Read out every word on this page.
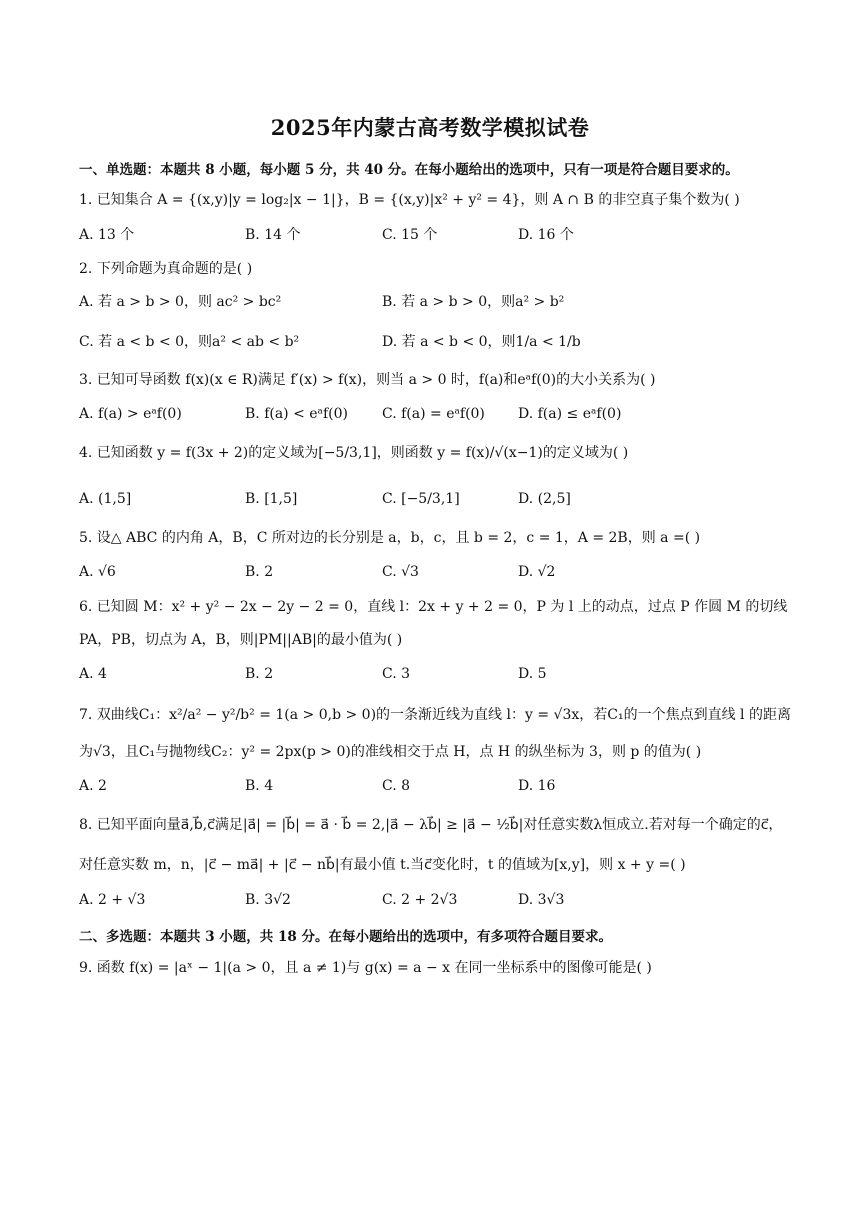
2025年内蒙古高考数学模拟试卷
一、单选题：本题共 8 小题，每小题 5 分，共 40 分。在每小题给出的选项中，只有一项是符合题目要求的。
1. 已知集合 A = {(x,y)|y = log₂|x − 1|}，B = {(x,y)|x² + y² = 4}，则 A ∩ B 的非空真子集个数为( )
A. 13 个	B. 14 个	C. 15 个	D. 16 个
2. 下列命题为真命题的是( )
A. 若 a > b > 0，则 ac² > bc²	B. 若 a > b > 0，则a² > b²
C. 若 a < b < 0，则a² < ab < b²	D. 若 a < b < 0，则1/a < 1/b
3. 已知可导函数 f(x)(x ∈ R)满足 f′(x) > f(x)，则当 a > 0 时，f(a)和eᵃf(0)的大小关系为( )
A. f(a) > eᵃf(0)	B. f(a) < eᵃf(0) C. f(a) = eᵃf(0) D. f(a) ≤ eᵃf(0)
4. 已知函数 y = f(3x + 2)的定义域为[−5/3,1]，则函数 y = f(x)/√(x−1)的定义域为( )
A. (1,5]	B. [1,5]	C. [−5/3,1]	D. (2,5]
5. 设△ ABC 的内角 A，B，C 所对边的长分别是 a，b，c，且 b = 2，c = 1，A = 2B，则 a =( )
A. √6	B. 2	C. √3	D. √2
6. 已知圆 M：x² + y² − 2x − 2y − 2 = 0，直线 l：2x + y + 2 = 0，P 为 l 上的动点，过点 P 作圆 M 的切线
PA，PB，切点为 A，B，则|PM||AB|的最小值为( )
A. 4	B. 2	C. 3	D. 5
7. 双曲线C₁：x²/a² − y²/b² = 1(a > 0,b > 0)的一条渐近线为直线 l：y = √3x，若C₁的一个焦点到直线 l 的距离
为√3，且C₁与抛物线C₂：y² = 2px(p > 0)的准线相交于点 H，点 H 的纵坐标为 3，则 p 的值为( )
A. 2	B. 4	C. 8	D. 16
8. 已知平面向量a⃗,b⃗,c⃗满足|a⃗| = |b⃗| = a⃗ · b⃗ = 2,|a⃗ − λb⃗| ≥ |a⃗ − ½b⃗|对任意实数λ恒成立.若对每一个确定的c⃗，
对任意实数 m，n，|c⃗ − ma⃗| + |c⃗ − nb⃗|有最小值 t.当c⃗变化时，t 的值域为[x,y]，则 x + y =( )
A. 2 + √3	B. 3√2	C. 2 + 2√3	D. 3√3
二、多选题：本题共 3 小题，共 18 分。在每小题给出的选项中，有多项符合题目要求。
9. 函数 f(x) = |aˣ − 1|(a > 0，且 a ≠ 1)与 g(x) = a − x 在同一坐标系中的图像可能是( )
